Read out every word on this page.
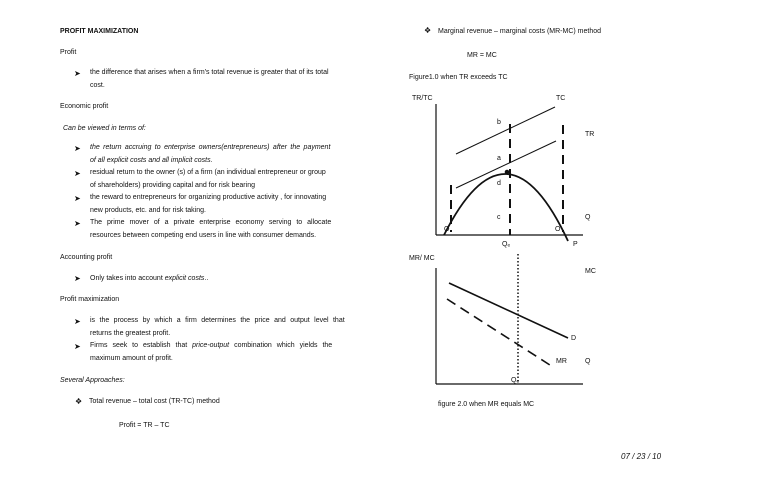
PROFIT MAXIMIZATION
Profit
➤ the difference that arises when a firm's total revenue is greater that of its total
cost.
Economic profit
Can be viewed in terms of:
➤ the return accruing to enterprise owners(entrepreneurs) after the payment
of all explicit costs and all implicit costs.
➤ residual return to the owner (s) of a firm (an individual entrepreneur or group
of shareholders) providing capital and for risk bearing
➤ the reward to entrepreneurs for organizing productive activity , for innovating
new products, etc. and for risk taking.
➤ The prime mover of a private enterprise economy serving to allocate
resources between competing end users in line with consumer demands.
Accounting profit
➤ Only takes into account explicit costs..
Profit maximization
➤ is the process by which a firm determines the price and output level that
returns the greatest profit.
➤ Firms seek to establish that price-output combination which yields the
maximum amount of profit.
Several Approaches:
❖ Total revenue – total cost (TR-TC) method
Profit = TR – TC
❖ Marginal revenue – marginal costs (MR-MC) method
MR = MC
Figure1.0 when TR exceeds TC
TR/TC	TC
TR
b
a
d
c	Q
O	O
Qₑ	P
MR/ MC
MC
D
MR	Q
Qₑ
figure 2.0 when MR equals MC
07 / 23 / 10
